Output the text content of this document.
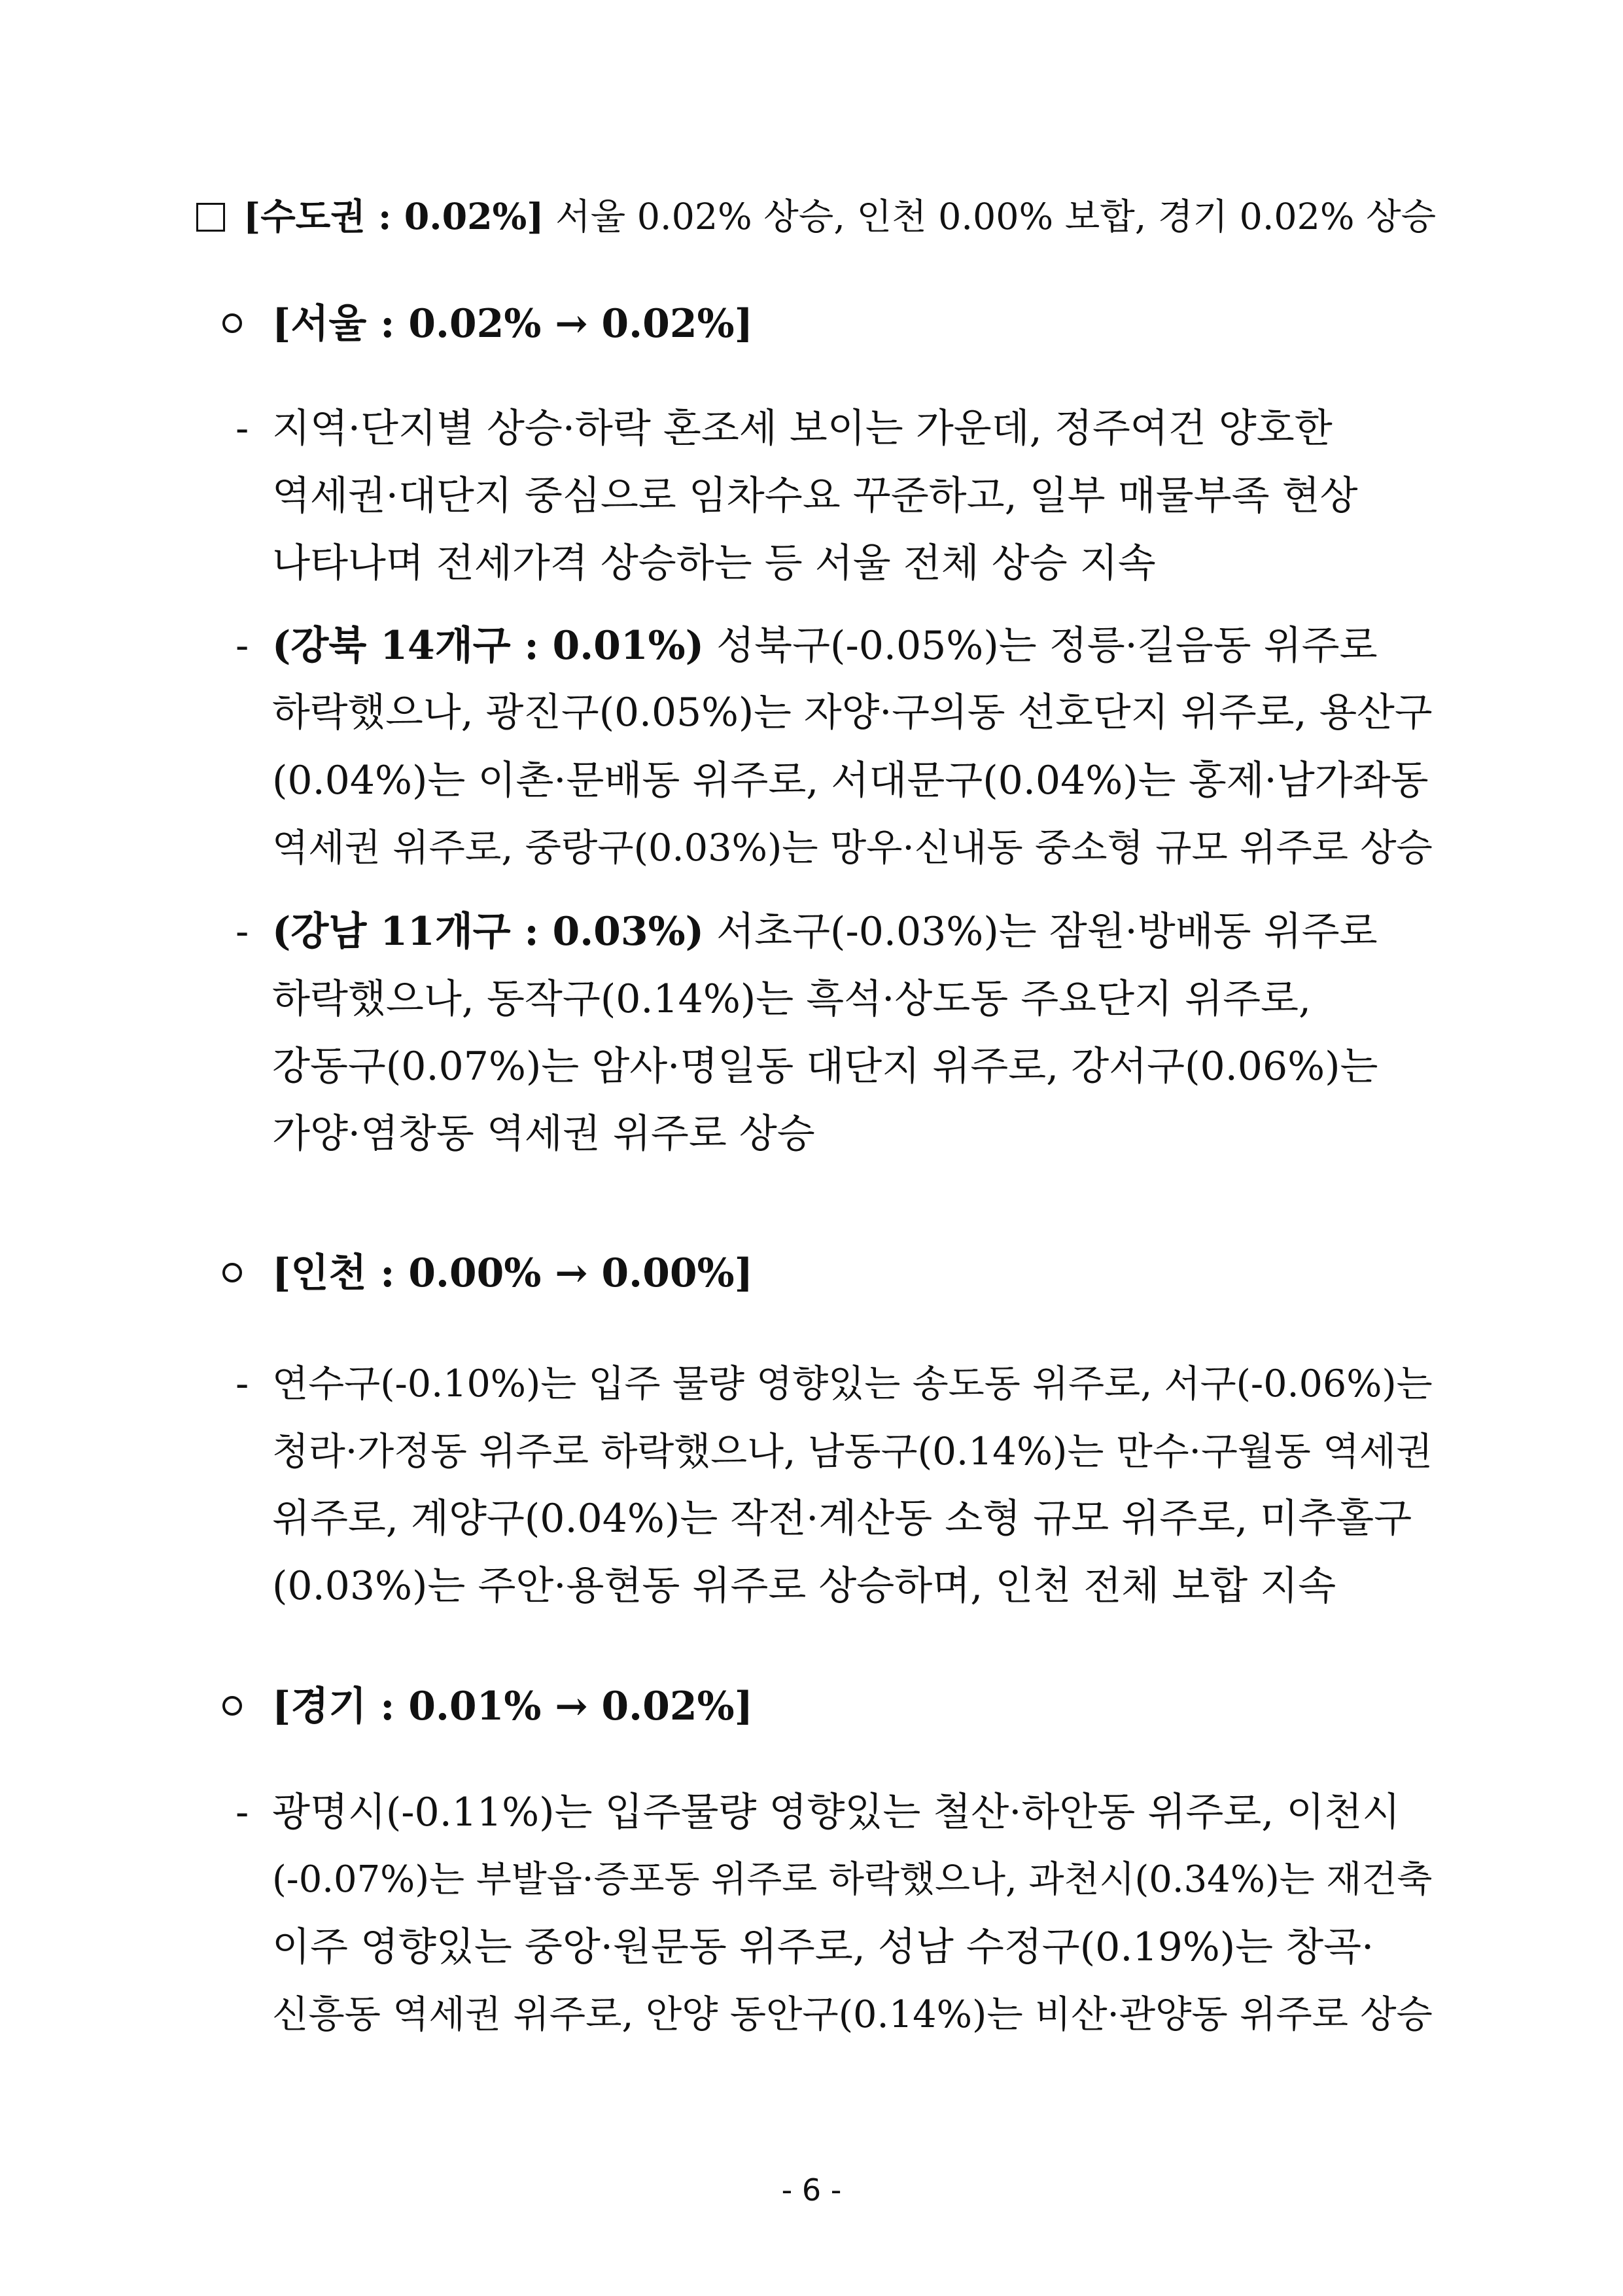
[수도권 : 0.02%] 서울 0.02% 상승, 인천 0.00% 보합, 경기 0.02% 상승
[서울 : 0.02% → 0.02%]
- 지역·단지별 상승·하락 혼조세 보이는 가운데, 정주여건 양호한
역세권·대단지 중심으로 임차수요 꾸준하고, 일부 매물부족 현상
나타나며 전세가격 상승하는 등 서울 전체 상승 지속
- (강북 14개구 : 0.01%) 성북구(-0.05%)는 정릉·길음동 위주로
하락했으나, 광진구(0.05%)는 자양·구의동 선호단지 위주로, 용산구
(0.04%)는 이촌·문배동 위주로, 서대문구(0.04%)는 홍제·남가좌동
역세권 위주로, 중랑구(0.03%)는 망우·신내동 중소형 규모 위주로 상승
- (강남 11개구 : 0.03%) 서초구(-0.03%)는 잠원·방배동 위주로
하락했으나, 동작구(0.14%)는 흑석·상도동 주요단지 위주로,
강동구(0.07%)는 암사·명일동 대단지 위주로, 강서구(0.06%)는
가양·염창동 역세권 위주로 상승
[인천 : 0.00% → 0.00%]
- 연수구(-0.10%)는 입주 물량 영향있는 송도동 위주로, 서구(-0.06%)는
청라·가정동 위주로 하락했으나, 남동구(0.14%)는 만수·구월동 역세권
위주로, 계양구(0.04%)는 작전·계산동 소형 규모 위주로, 미추홀구
(0.03%)는 주안·용현동 위주로 상승하며, 인천 전체 보합 지속
[경기 : 0.01% → 0.02%]
- 광명시(-0.11%)는 입주물량 영향있는 철산·하안동 위주로, 이천시
(-0.07%)는 부발읍·증포동 위주로 하락했으나, 과천시(0.34%)는 재건축
이주 영향있는 중앙·원문동 위주로, 성남 수정구(0.19%)는 창곡·
신흥동 역세권 위주로, 안양 동안구(0.14%)는 비산·관양동 위주로 상승
- 6 -
